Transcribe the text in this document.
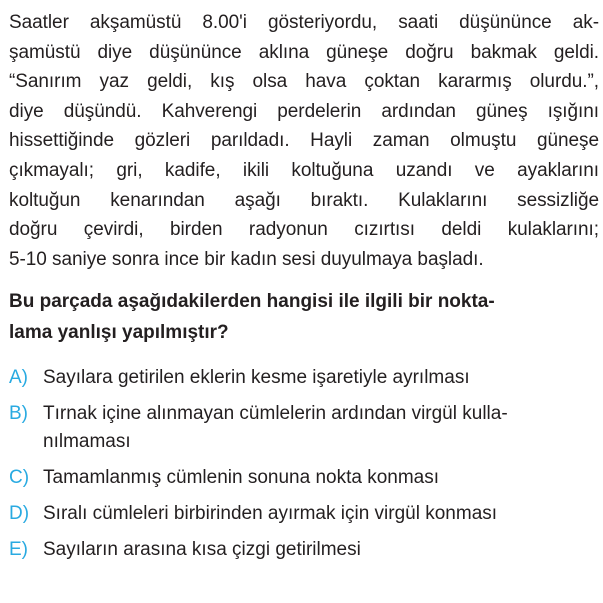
Saatler akşamüstü 8.00'i gösteriyordu, saati düşününce ak-
şamüstü diye düşününce aklına güneşe doğru bakmak geldi.
“Sanırım yaz geldi, kış olsa hava çoktan kararmış olurdu.”,
diye düşündü. Kahverengi perdelerin ardından güneş ışığını
hissettiğinde gözleri parıldadı. Hayli zaman olmuştu güneşe
çıkmayalı; gri, kadife, ikili koltuğuna uzandı ve ayaklarını
koltuğun kenarından aşağı bıraktı. Kulaklarını sessizliğe
doğru çevirdi, birden radyonun cızırtısı deldi kulaklarını;
5-10 saniye sonra ince bir kadın sesi duyulmaya başladı.
Bu parçada aşağıdakilerden hangisi ile ilgili bir nokta-
lama yanlışı yapılmıştır?
A) Sayılara getirilen eklerin kesme işaretiyle ayrılması
B) Tırnak içine alınmayan cümlelerin ardından virgül kulla-
nılmaması
C) Tamamlanmış cümlenin sonuna nokta konması
D) Sıralı cümleleri birbirinden ayırmak için virgül konması
E) Sayıların arasına kısa çizgi getirilmesi
